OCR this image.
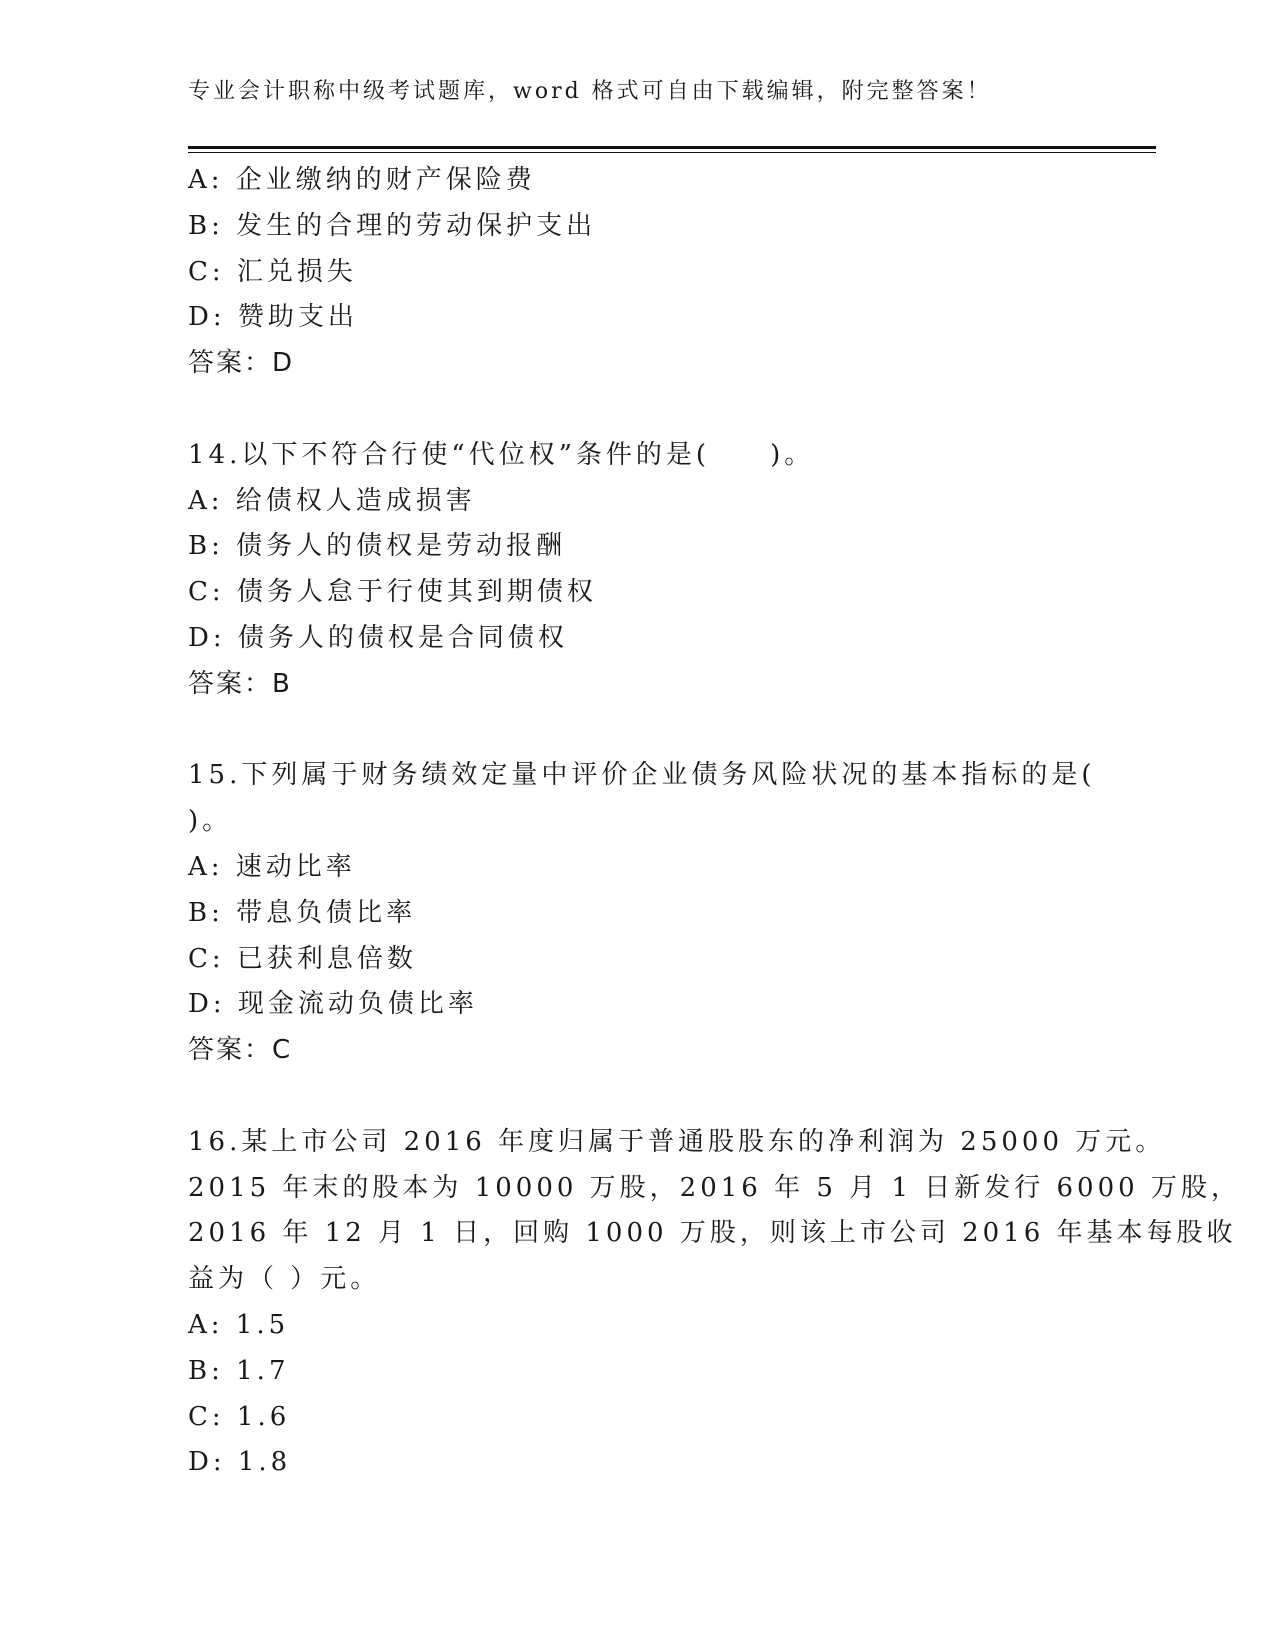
专业会计职称中级考试题库，word 格式可自由下载编辑，附完整答案！
A: 企业缴纳的财产保险费
B: 发生的合理的劳动保护支出
C: 汇兑损失
D: 赞助支出
答案：D
14.以下不符合行使“代位权”条件的是(　　)。
A: 给债权人造成损害
B: 债务人的债权是劳动报酬
C: 债务人怠于行使其到期债权
D: 债务人的债权是合同债权
答案：B
15.下列属于财务绩效定量中评价企业债务风险状况的基本指标的是(
)。
A: 速动比率
B: 带息负债比率
C: 已获利息倍数
D: 现金流动负债比率
答案：C
16.某上市公司 2016 年度归属于普通股股东的净利润为 25000 万元。
2015 年末的股本为 10000 万股，2016 年 5 月 1 日新发行 6000 万股，
2016 年 12 月 1 日，回购 1000 万股，则该上市公司 2016 年基本每股收
益为（ ）元。
A: 1.5
B: 1.7
C: 1.6
D: 1.8
